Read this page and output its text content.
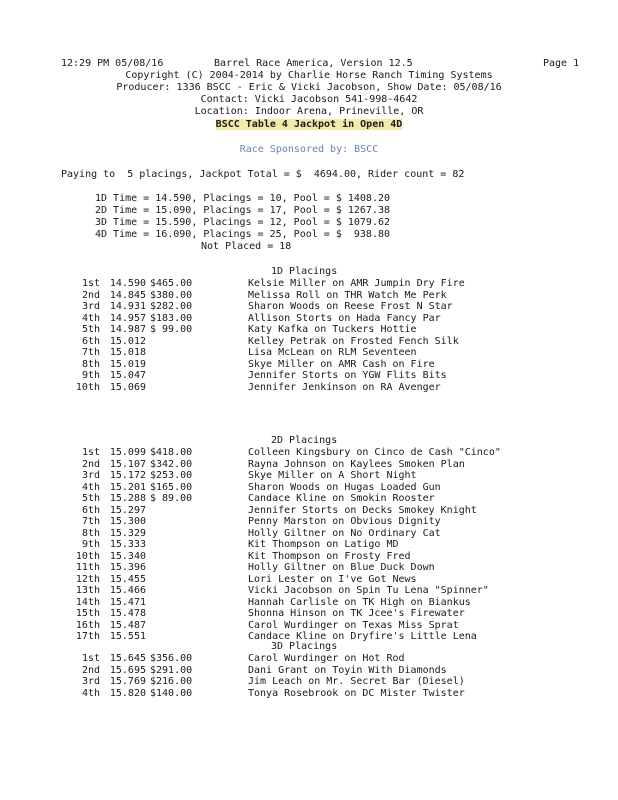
12:29 PM 05/08/16	Barrel Race America, Version 12.5	Page 1
Copyright (C) 2004-2014 by Charlie Horse Ranch Timing Systems
Producer: 1336 BSCC - Eric & Vicki Jacobson, Show Date: 05/08/16
Contact: Vicki Jacobson 541-998-4642
Location: Indoor Arena, Prineville, OR
BSCC Table 4 Jackpot in Open 4D
Race Sponsored by: BSCC
Paying to  5 placings, Jackpot Total = $  4694.00, Rider count = 82
1D Time = 14.590, Placings = 10, Pool = $ 1408.20
2D Time = 15.090, Placings = 17, Pool = $ 1267.38
3D Time = 15.590, Placings = 12, Pool = $ 1079.62
4D Time = 16.090, Placings = 25, Pool = $  938.80
Not Placed = 18
1D Placings
1st 14.590 $465.00	Kelsie Miller on AMR Jumpin Dry Fire
2nd 14.845 $380.00	Melissa Roll on THR Watch Me Perk
3rd 14.931 $282.00	Sharon Woods on Reese Frost N Star
4th 14.957 $183.00	Allison Storts on Hada Fancy Par
5th 14.987 $ 99.00	Katy Kafka on Tuckers Hottie
6th 15.012	Kelley Petrak on Frosted Fench Silk
7th 15.018	Lisa McLean on RLM Seventeen
8th 15.019	Skye Miller on AMR Cash on Fire
9th 15.047	Jennifer Storts on YGW Flits Bits
10th 15.069	Jennifer Jenkinson on RA Avenger
2D Placings
1st 15.099 $418.00	Colleen Kingsbury on Cinco de Cash "Cinco"
2nd 15.107 $342.00	Rayna Johnson on Kaylees Smoken Plan
3rd 15.172 $253.00	Skye Miller on A Short Night
4th 15.201 $165.00	Sharon Woods on Hugas Loaded Gun
5th 15.288 $ 89.00	Candace Kline on Smokin Rooster
6th 15.297	Jennifer Storts on Decks Smokey Knight
7th 15.300	Penny Marston on Obvious Dignity
8th 15.329	Holly Giltner on No Ordinary Cat
9th 15.333	Kit Thompson on Latigo MD
10th 15.340	Kit Thompson on Frosty Fred
11th 15.396	Holly Giltner on Blue Duck Down
12th 15.455	Lori Lester on I've Got News
13th 15.466	Vicki Jacobson on Spin Tu Lena "Spinner"
14th 15.471	Hannah Carlisle on TK High on Biankus
15th 15.478	Shonna Hinson on TK Jcee's Firewater
16th 15.487	Carol Wurdinger on Texas Miss Sprat
17th 15.551	Candace Kline on Dryfire's Little Lena
3D Placings
1st 15.645 $356.00	Carol Wurdinger on Hot Rod
2nd 15.695 $291.00	Dani Grant on Toyin With Diamonds
3rd 15.769 $216.00	Jim Leach on Mr. Secret Bar (Diesel)
4th 15.820 $140.00	Tonya Rosebrook on DC Mister Twister
